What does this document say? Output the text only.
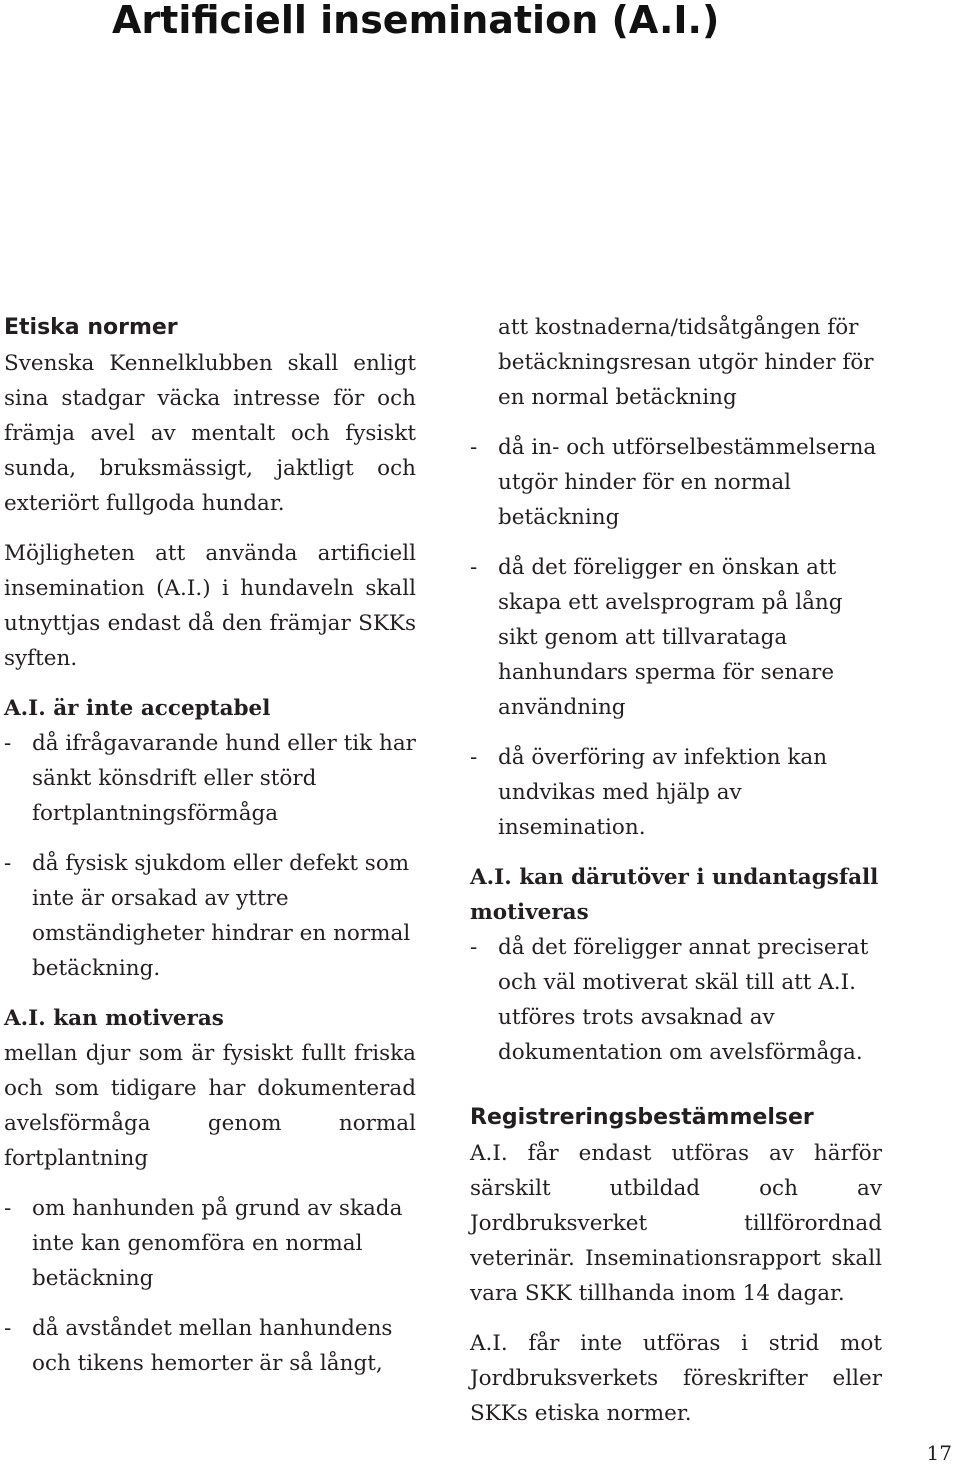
Artificiell insemination (A.I.)
Etiska normer

Svenska Kennelklubben skall enligt sina stadgar väcka intresse för och främja avel av mentalt och fysiskt sunda, bruksmässigt, jaktligt och exteriört fullgoda hundar.

Möjligheten att använda artificiell insemination (A.I.) i hundaveln skall utnyttjas endast då den främjar SKKs syften.

A.I. är inte acceptabel
- då ifrågavarande hund eller tik har sänkt könsdrift eller störd fortplantningsförmåga
- då fysisk sjukdom eller defekt som inte är orsakad av yttre omständigheter hindrar en normal betäckning.
A.I. kan motiveras

mellan djur som är fysiskt fullt friska och som tidigare har dokumenterad avelsförmåga genom normal fortplantning

- om hanhunden på grund av skada inte kan genomföra en normal betäckning
- då avståndet mellan hanhundens och tikens hemorter är så långt,
att kostnaderna/tidsåtgången för betäckningsresan utgör hinder för en normal betäckning
- då in- och utförselbestämmelserna utgör hinder för en normal betäckning
- då det föreligger en önskan att skapa ett avelsprogram på lång sikt genom att tillvaratagа hanhundars sperma för senare användning
- då överföring av infektion kan undvikas med hjälp av insemination.
A.I. kan därutöver i undantagsfall motiveras
- då det föreligger annat preciserat och väl motiverat skäl till att A.I. utföres trots avsaknad av dokumentation om avelsförmåga.
Registreringsbestämmelser

A.I. får endast utföras av härför särskilt utbildad och av Jordbruksverket tillförordnad veterinär. Inseminationsrapport skall vara SKK tillhanda inom 14 dagar.

A.I. får inte utföras i strid mot Jordbruksverkets föreskrifter eller SKKs etiska normer.

17
